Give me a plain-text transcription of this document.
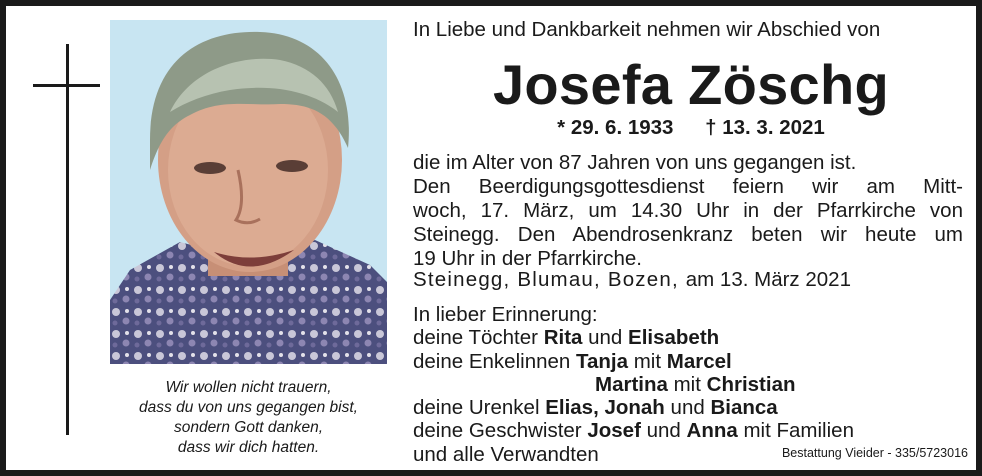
Wir wollen nicht trauern,
dass du von uns gegangen bist,
sondern Gott danken,
dass wir dich hatten.
In Liebe und Dankbarkeit nehmen wir Abschied von
Josefa Zöschg
* 29. 6. 1933 † 13. 3. 2021
die im Alter von 87 Jahren von uns gegangen ist.
Den Beerdigungsgottesdienst feiern wir am Mitt-
woch, 17. März, um 14.30 Uhr in der Pfarrkirche von
Steinegg. Den Abendrosenkranz beten wir heute um
19 Uhr in der Pfarrkirche.
Steinegg, Blumau, Bozen, am 13. März 2021
In lieber Erinnerung:
deine Töchter Rita und Elisabeth
deine Enkelinnen Tanja mit Marcel
Martina mit Christian
deine Urenkel Elias, Jonah und Bianca
deine Geschwister Josef und Anna mit Familien
und alle Verwandten	Bestattung Vieider - 335/5723016
